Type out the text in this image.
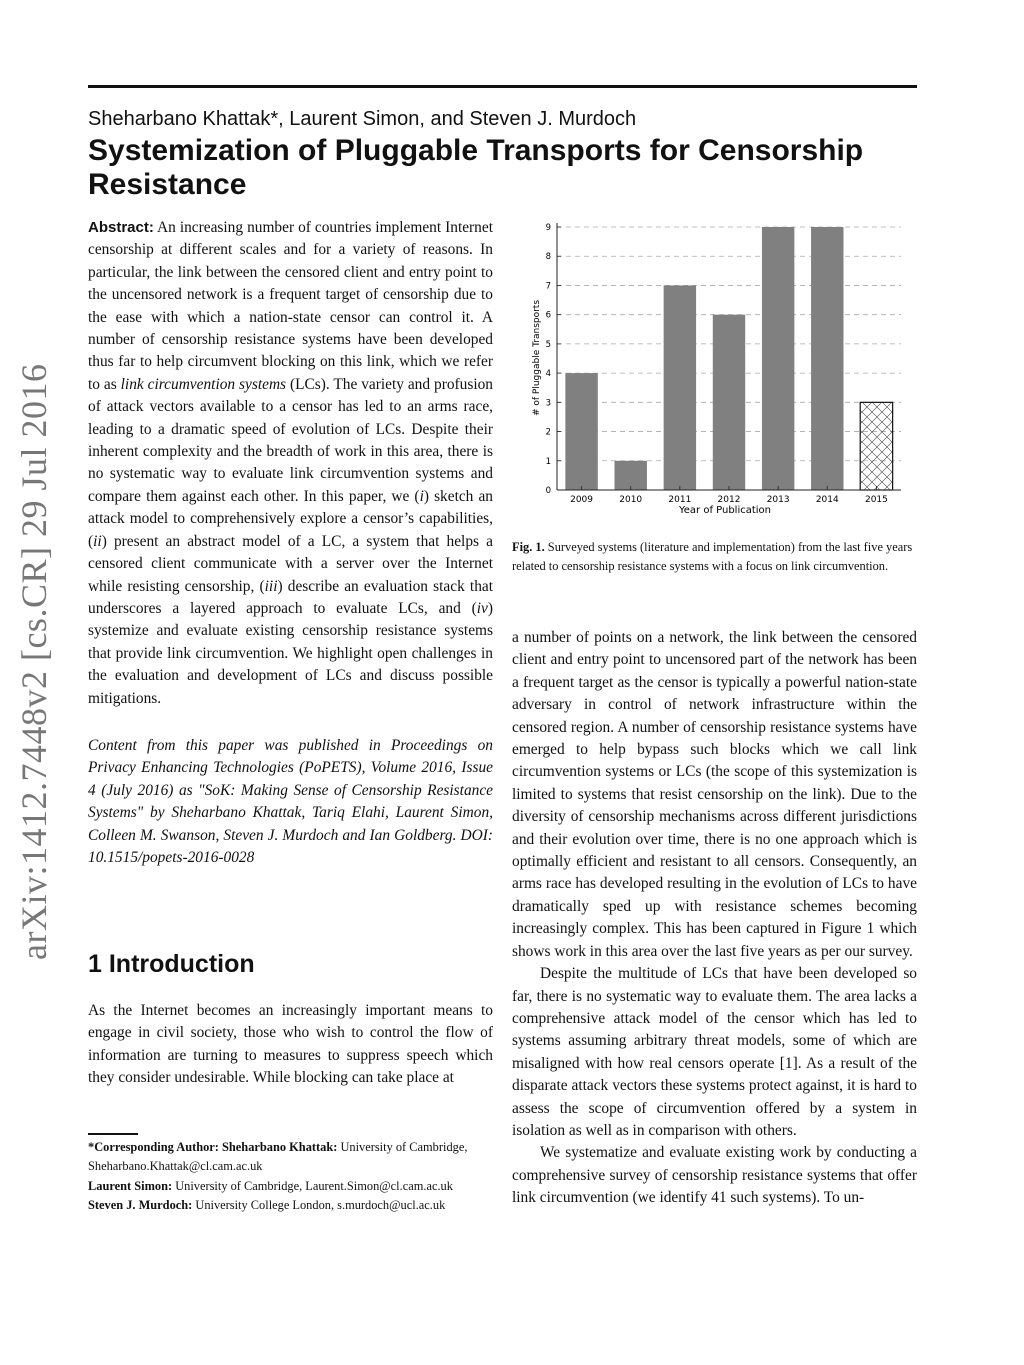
Sheharbano Khattak*, Laurent Simon, and Steven J. Murdoch
Systemization of Pluggable Transports for Censorship Resistance
arXiv:1412.7448v2 [cs.CR] 29 Jul 2016

Abstract: An increasing number of countries implement Internet censorship at different scales and for a variety of reasons. In particular, the link between the censored client and entry point to the uncensored network is a frequent target of censorship due to the ease with which a nation-state censor can control it. A number of censorship resistance systems have been developed thus far to help circumvent blocking on this link, which we refer to as link circumvention systems (LCs). The variety and profusion of attack vectors available to a censor has led to an arms race, leading to a dramatic speed of evolution of LCs. Despite their inherent complexity and the breadth of work in this area, there is no systematic way to evaluate link circumvention systems and compare them against each other. In this paper, we (i) sketch an attack model to comprehensively explore a censor’s capabilities, (ii) present an abstract model of a LC, a system that helps a censored client communicate with a server over the Internet while resisting censorship, (iii) describe an evaluation stack that underscores a layered approach to evaluate LCs, and (iv) systemize and evaluate existing censorship resistance systems that provide link circumvention. We highlight open challenges in the evaluation and development of LCs and discuss possible mitigations.

Content from this paper was published in Proceedings on Privacy Enhancing Technologies (PoPETS), Volume 2016, Issue 4 (July 2016) as "SoK: Making Sense of Censorship Resistance Systems" by Sheharbano Khattak, Tariq Elahi, Laurent Simon, Colleen M. Swanson, Steven J. Murdoch and Ian Goldberg. DOI: 10.1515/popets-2016-0028

1 Introduction

As the Internet becomes an increasingly important means to engage in civil society, those who wish to control the flow of information are turning to measures to suppress speech which they consider undesirable. While blocking can take place at

*Corresponding Author: Sheharbano Khattak: University of Cambridge, Sheharbano.Khattak@cl.cam.ac.uk

Laurent Simon: University of Cambridge, Laurent.Simon@cl.cam.ac.uk

Steven J. Murdoch: University College London, s.murdoch@ucl.ac.uk

0
1
2
3
4
5
6
7
8
9
2009	2010	2011	2012	2013	2014	2015
# of Pluggable Transports
Year of Publication
Fig. 1. Surveyed systems (literature and implementation) from the last five years related to censorship resistance systems with a focus on link circumvention.

a number of points on a network, the link between the censored client and entry point to uncensored part of the network has been a frequent target as the censor is typically a powerful nation-state adversary in control of network infrastructure within the censored region. A number of censorship resistance systems have emerged to help bypass such blocks which we call link circumvention systems or LCs (the scope of this systemization is limited to systems that resist censorship on the link). Due to the diversity of censorship mechanisms across different jurisdictions and their evolution over time, there is no one approach which is optimally efficient and resistant to all censors. Consequently, an arms race has developed resulting in the evolution of LCs to have dramatically sped up with resistance schemes becoming increasingly complex. This has been captured in Figure 1 which shows work in this area over the last five years as per our survey.

Despite the multitude of LCs that have been developed so far, there is no systematic way to evaluate them. The area lacks a comprehensive attack model of the censor which has led to systems assuming arbitrary threat models, some of which are misaligned with how real censors operate [1]. As a result of the disparate attack vectors these systems protect against, it is hard to assess the scope of circumvention offered by a system in isolation as well as in comparison with others.

We systematize and evaluate existing work by conducting a comprehensive survey of censorship resistance systems that offer link circumvention (we identify 41 such systems). To un-
